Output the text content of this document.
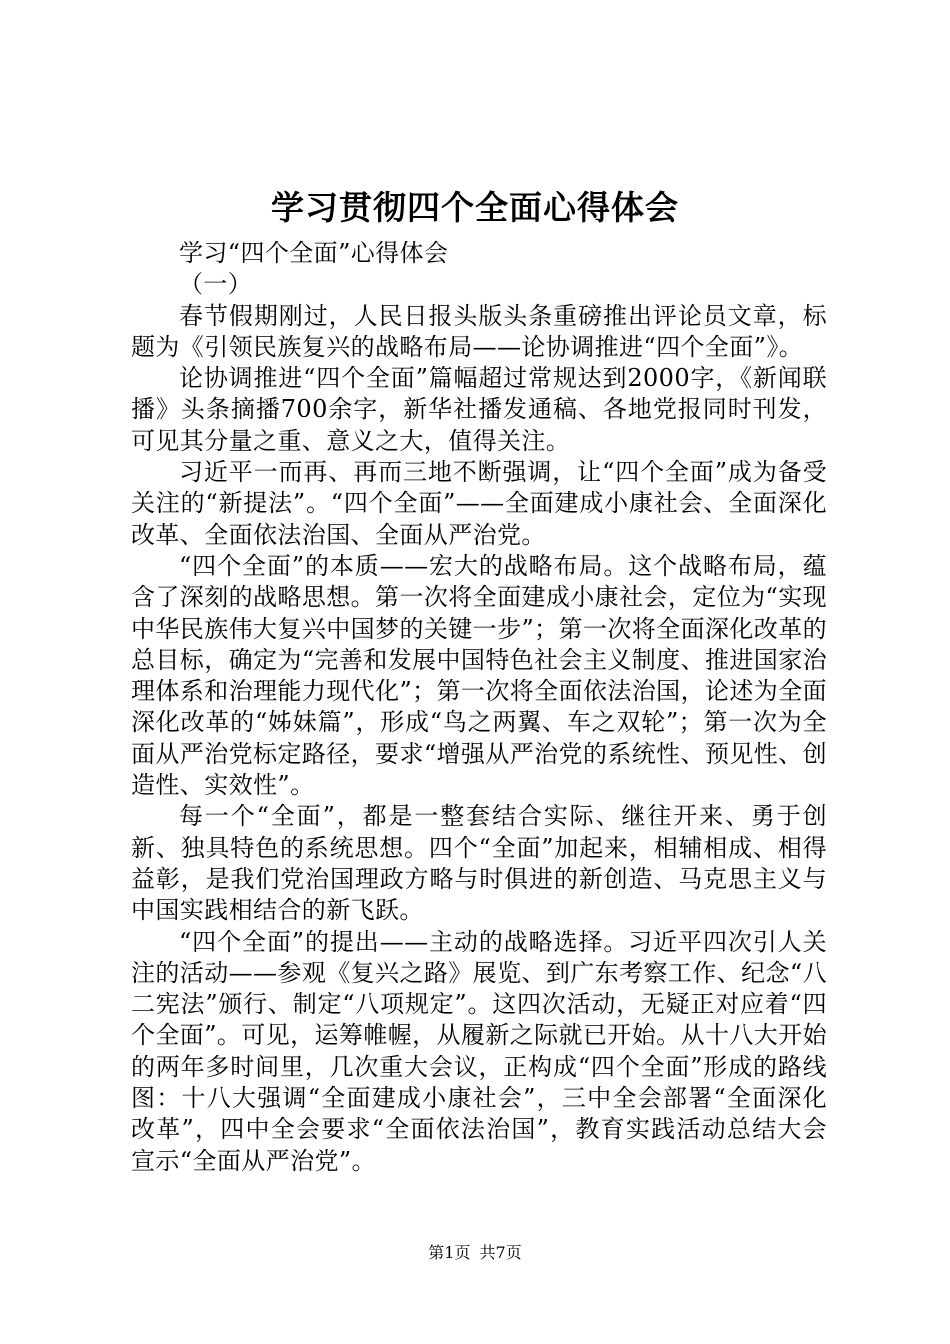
学习贯彻四个全面心得体会

学习“四个全面”心得体会

（一）

春节假期刚过，人民日报头版头条重磅推出评论员文章，标题为《引领民族复兴的战略布局——论协调推进“四个全面”》。

论协调推进“四个全面”篇幅超过常规达到2000字，《新闻联播》头条摘播700余字，新华社播发通稿、各地党报同时刊发，可见其分量之重、意义之大，值得关注。

习近平一而再、再而三地不断强调，让“四个全面”成为备受关注的“新提法”。“四个全面”——全面建成小康社会、全面深化改革、全面依法治国、全面从严治党。

“四个全面”的本质——宏大的战略布局。这个战略布局，蕴含了深刻的战略思想。第一次将全面建成小康社会，定位为“实现中华民族伟大复兴中国梦的关键一步”；第一次将全面深化改革的总目标，确定为“完善和发展中国特色社会主义制度、推进国家治理体系和治理能力现代化”；第一次将全面依法治国，论述为全面深化改革的“姊妹篇”，形成“鸟之两翼、车之双轮”；第一次为全面从严治党标定路径，要求“增强从严治党的系统性、预见性、创造性、实效性”。

每一个“全面”，都是一整套结合实际、继往开来、勇于创新、独具特色的系统思想。四个“全面”加起来，相辅相成、相得益彰，是我们党治国理政方略与时俱进的新创造、马克思主义与中国实践相结合的新飞跃。

“四个全面”的提出——主动的战略选择。习近平四次引人关注的活动——参观《复兴之路》展览、到广东考察工作、纪念“八二宪法”颁行、制定“八项规定”。这四次活动，无疑正对应着“四个全面”。可见，运筹帷幄，从履新之际就已开始。从十八大开始的两年多时间里，几次重大会议，正构成“四个全面”形成的路线图：十八大强调“全面建成小康社会”，三中全会部署“全面深化改革”，四中全会要求“全面依法治国”，教育实践活动总结大会宣示“全面从严治党”。

第1页 共7页
